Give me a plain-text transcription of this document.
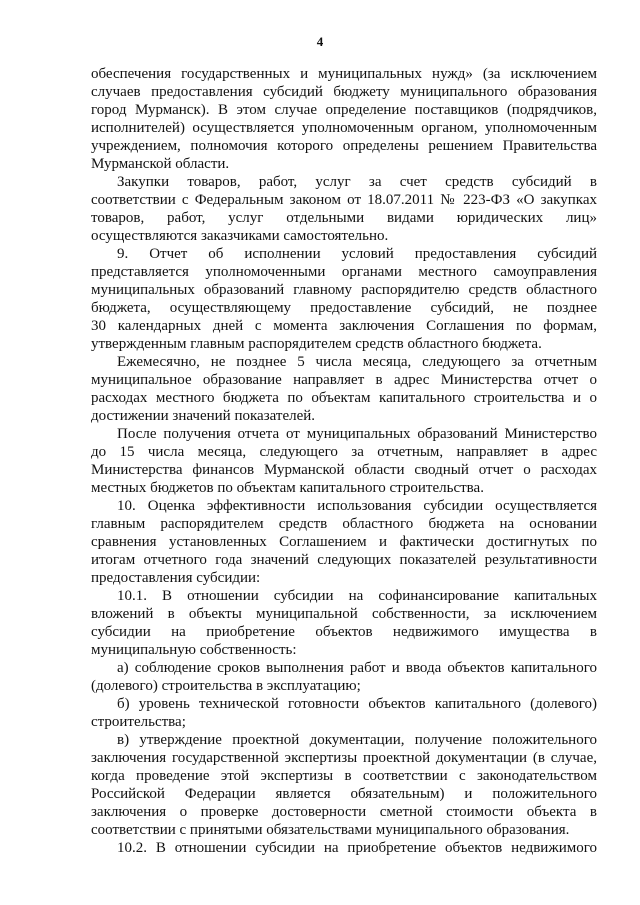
4
обеспечения государственных и муниципальных нужд» (за исключением
случаев предоставления субсидий бюджету муниципального образования
город Мурманск). В этом случае определение поставщиков (подрядчиков,
исполнителей) осуществляется уполномоченным органом, уполномоченным
учреждением, полномочия которого определены решением Правительства
Мурманской области.
Закупки товаров, работ, услуг за счет средств субсидий в
соответствии с Федеральным законом от 18.07.2011 № 223-ФЗ «О закупках
товаров, работ, услуг отдельными видами юридических лиц»
осуществляются заказчиками самостоятельно.
9. Отчет об исполнении условий предоставления субсидий
представляется уполномоченными органами местного самоуправления
муниципальных образований главному распорядителю средств областного
бюджета, осуществляющему предоставление субсидий, не позднее
30 календарных дней с момента заключения Соглашения по формам,
утвержденным главным распорядителем средств областного бюджета.
Ежемесячно, не позднее 5 числа месяца, следующего за отчетным
муниципальное образование направляет в адрес Министерства отчет о
расходах местного бюджета по объектам капитального строительства и о
достижении значений показателей.
После получения отчета от муниципальных образований Министерство
до 15 числа месяца, следующего за отчетным, направляет в адрес
Министерства финансов Мурманской области сводный отчет о расходах
местных бюджетов по объектам капитального строительства.
10. Оценка эффективности использования субсидии осуществляется
главным распорядителем средств областного бюджета на основании
сравнения установленных Соглашением и фактически достигнутых по
итогам отчетного года значений следующих показателей результативности
предоставления субсидии:
10.1. В отношении субсидии на софинансирование капитальных
вложений в объекты муниципальной собственности, за исключением
субсидии на приобретение объектов недвижимого имущества в
муниципальную собственность:
а) соблюдение сроков выполнения работ и ввода объектов капитального
(долевого) строительства в эксплуатацию;
б) уровень технической готовности объектов капитального (долевого)
строительства;
в) утверждение проектной документации, получение положительного
заключения государственной экспертизы проектной документации (в случае,
когда проведение этой экспертизы в соответствии с законодательством
Российской Федерации является обязательным) и положительного
заключения о проверке достоверности сметной стоимости объекта в
соответствии с принятыми обязательствами муниципального образования.
10.2. В отношении субсидии на приобретение объектов недвижимого
